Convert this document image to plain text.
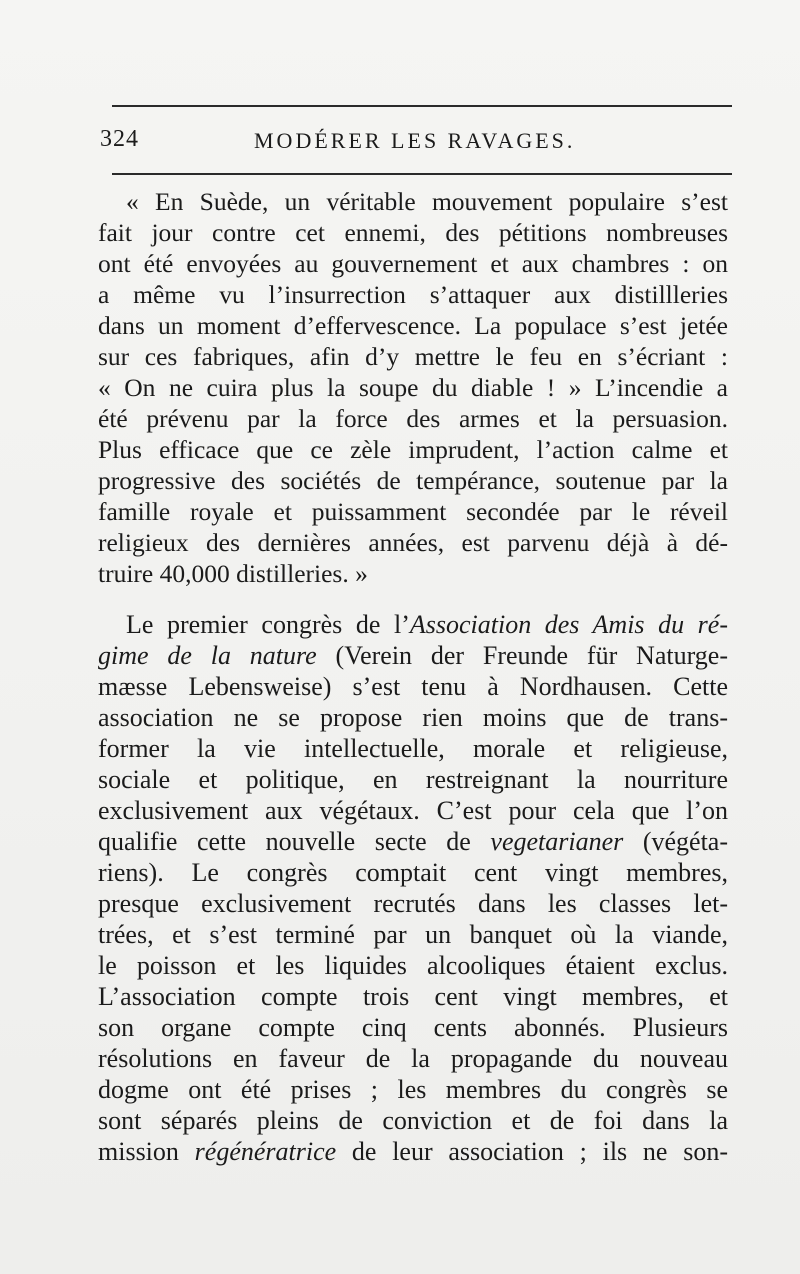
324	MODÉRER LES RAVAGES.
« En Suède, un véritable mouvement populaire s’est
fait jour contre cet ennemi, des pétitions nombreuses
ont été envoyées au gouvernement et aux chambres : on
a même vu l’insurrection s’attaquer aux distillleries
dans un moment d’effervescence. La populace s’est jetée
sur ces fabriques, afin d’y mettre le feu en s’écriant :
« On ne cuira plus la soupe du diable ! » L’incendie a
été prévenu par la force des armes et la persuasion.
Plus efficace que ce zèle imprudent, l’action calme et
progressive des sociétés de tempérance, soutenue par la
famille royale et puissamment secondée par le réveil
religieux des dernières années, est parvenu déjà à dé-
truire 40,000 distilleries. »
Le premier congrès de l’Association des Amis du ré-
gime de la nature (Verein der Freunde für Naturge-
mæsse Lebensweise) s’est tenu à Nordhausen. Cette
association ne se propose rien moins que de trans-
former la vie intellectuelle, morale et religieuse,
sociale et politique, en restreignant la nourriture
exclusivement aux végétaux. C’est pour cela que l’on
qualifie cette nouvelle secte de vegetarianer (végéta-
riens). Le congrès comptait cent vingt membres,
presque exclusivement recrutés dans les classes let-
trées, et s’est terminé par un banquet où la viande,
le poisson et les liquides alcooliques étaient exclus.
L’association compte trois cent vingt membres, et
son organe compte cinq cents abonnés. Plusieurs
résolutions en faveur de la propagande du nouveau
dogme ont été prises ; les membres du congrès se
sont séparés pleins de conviction et de foi dans la
mission régénératrice de leur association ; ils ne son-
